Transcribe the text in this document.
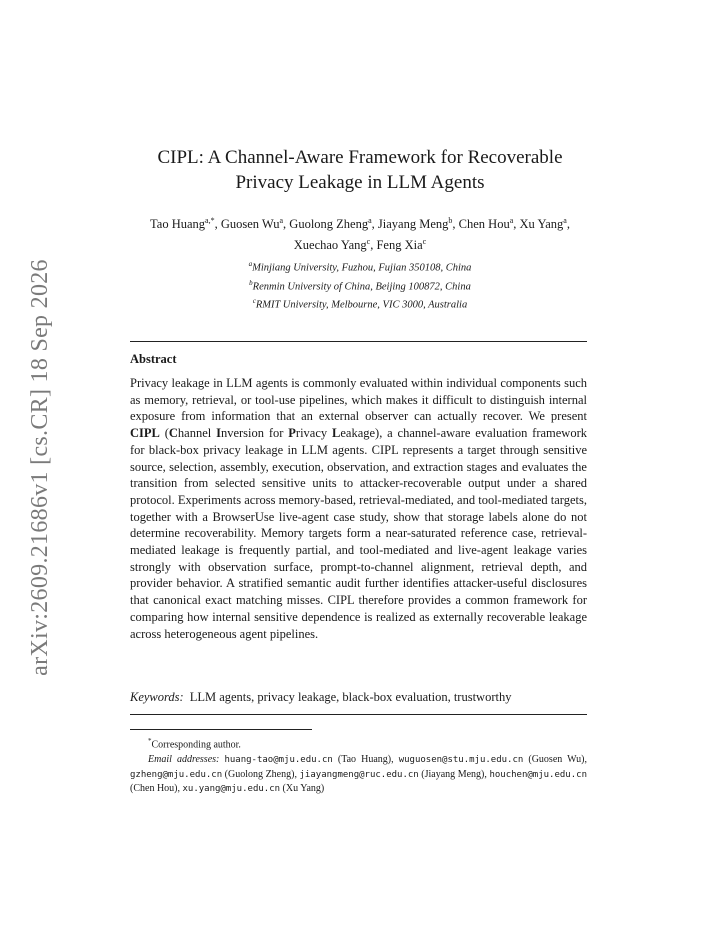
arXiv:2609.21686v1 [cs.CR] 18 Sep 2026
CIPL: A Channel-Aware Framework for Recoverable
Privacy Leakage in LLM Agents
Tao Huang$^{a,*}$, Guosen Wu$^a$, Guolong Zheng$^a$, Jiayang Meng$^b$, Chen Hou$^a$, Xu Yang$^a$, Xuechao Yang$^c$, Feng Xia$^c$
$^a$Minjiang University, Fuzhou, Fujian 350108, China
$^b$Renmin University of China, Beijing 100872, China
$^c$RMIT University, Melbourne, VIC 3000, Australia
Abstract
Privacy leakage in LLM agents is commonly evaluated within individual components such as memory, retrieval, or tool-use pipelines, which makes it difficult to distinguish internal exposure from information that an external observer can actually recover. We present CIPL (Channel Inversion for Privacy Leakage), a channel-aware evaluation framework for black-box privacy leakage in LLM agents. CIPL represents a target through sensitive source, selection, assembly, execution, observation, and extraction stages and evaluates the transition from selected sensitive units to attacker-recoverable output under a shared protocol. Experiments across memory-based, retrieval-mediated, and tool-mediated targets, together with a BrowserUse live-agent case study, show that storage labels alone do not determine recoverability. Memory targets form a near-saturated reference case, retrieval-mediated leakage is frequently partial, and tool-mediated and live-agent leakage varies strongly with observation surface, prompt-to-channel alignment, retrieval depth, and provider behavior. A stratified semantic audit further identifies attacker-useful disclosures that canonical exact matching misses. CIPL therefore provides a common framework for comparing how internal sensitive dependence is realized as externally recoverable leakage across heterogeneous agent pipelines.
Keywords: LLM agents, privacy leakage, black-box evaluation, trustworthy
*Corresponding author.
Email addresses: huang-tao@mju.edu.cn (Tao Huang), wuguosen@stu.mju.edu.cn (Guosen Wu), gzheng@mju.edu.cn (Guolong Zheng), jiayangmeng@ruc.edu.cn (Jiayang Meng), houchen@mju.edu.cn (Chen Hou), xu.yang@mju.edu.cn (Xu Yang)
